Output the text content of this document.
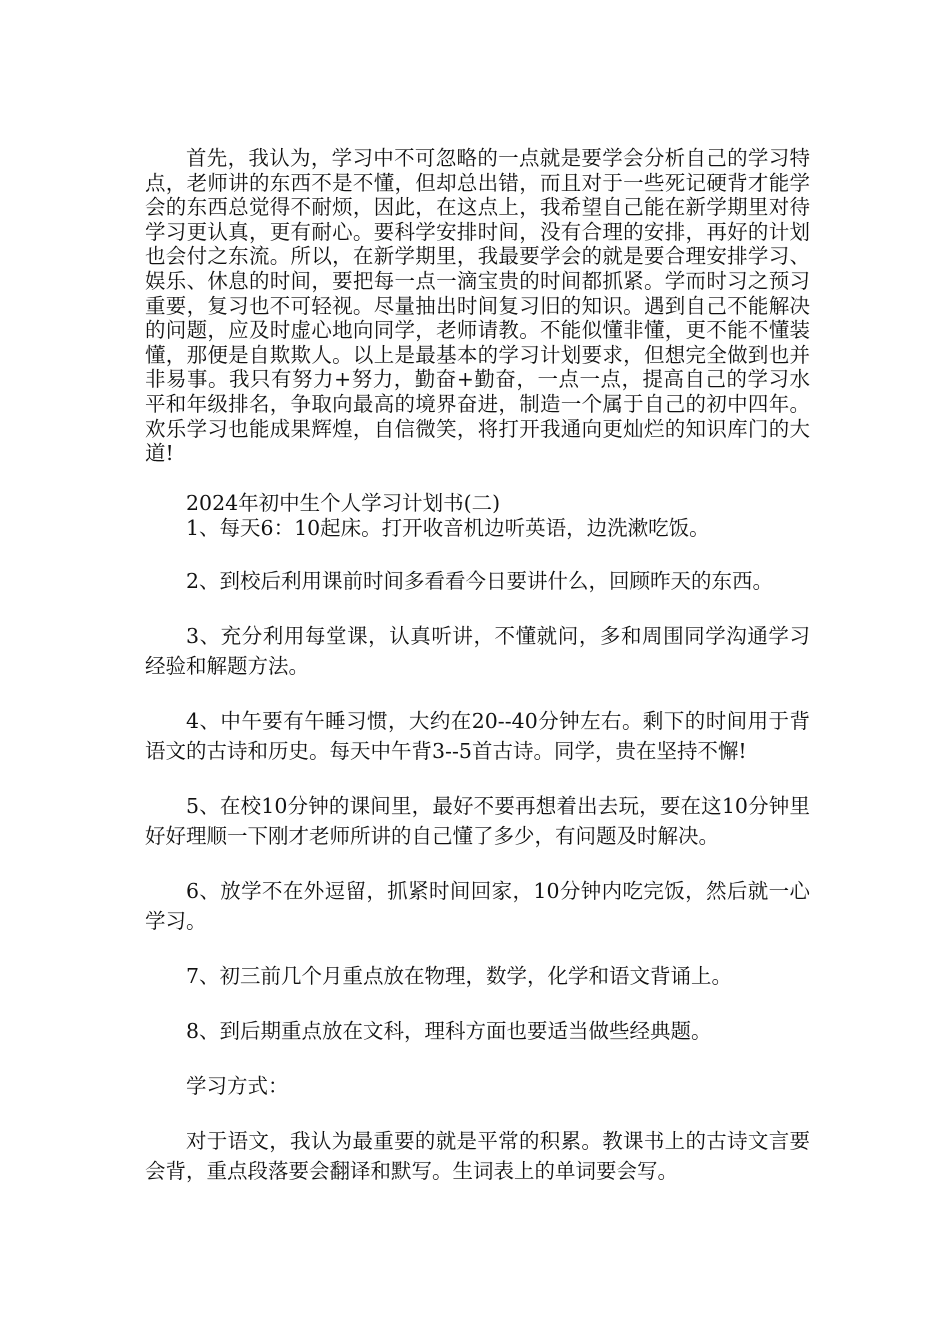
首先，我认为，学习中不可忽略的一点就是要学会分析自己的学习特点，老师讲的东西不是不懂，但却总出错，而且对于一些死记硬背才能学会的东西总觉得不耐烦，因此，在这点上，我希望自己能在新学期里对待学习更认真，更有耐心。要科学安排时间，没有合理的安排，再好的计划也会付之东流。所以，在新学期里，我最要学会的就是要合理安排学习、娱乐、休息的时间，要把每一点一滴宝贵的时间都抓紧。学而时习之预习重要，复习也不可轻视。尽量抽出时间复习旧的知识。遇到自己不能解决的问题，应及时虚心地向同学，老师请教。不能似懂非懂，更不能不懂装懂，那便是自欺欺人。以上是最基本的学习计划要求，但想完全做到也并非易事。我只有努力+努力，勤奋+勤奋，一点一点，提高自己的学习水平和年级排名，争取向最高的境界奋进，制造一个属于自己的初中四年。欢乐学习也能成果辉煌，自信微笑，将打开我通向更灿烂的知识库门的大道!

2024年初中生个人学习计划书(二)

1、每天6：10起床。打开收音机边听英语，边洗漱吃饭。

2、到校后利用课前时间多看看今日要讲什么，回顾昨天的东西。

3、充分利用每堂课，认真听讲，不懂就问，多和周围同学沟通学习经验和解题方法。

4、中午要有午睡习惯，大约在20--40分钟左右。剩下的时间用于背语文的古诗和历史。每天中午背3--5首古诗。同学，贵在坚持不懈!

5、在校10分钟的课间里，最好不要再想着出去玩，要在这10分钟里好好理顺一下刚才老师所讲的自己懂了多少，有问题及时解决。

6、放学不在外逗留，抓紧时间回家，10分钟内吃完饭，然后就一心学习。

7、初三前几个月重点放在物理，数学，化学和语文背诵上。

8、到后期重点放在文科，理科方面也要适当做些经典题。

学习方式：

对于语文，我认为最重要的就是平常的积累。教课书上的古诗文言要会背，重点段落要会翻译和默写。生词表上的单词要会写。
